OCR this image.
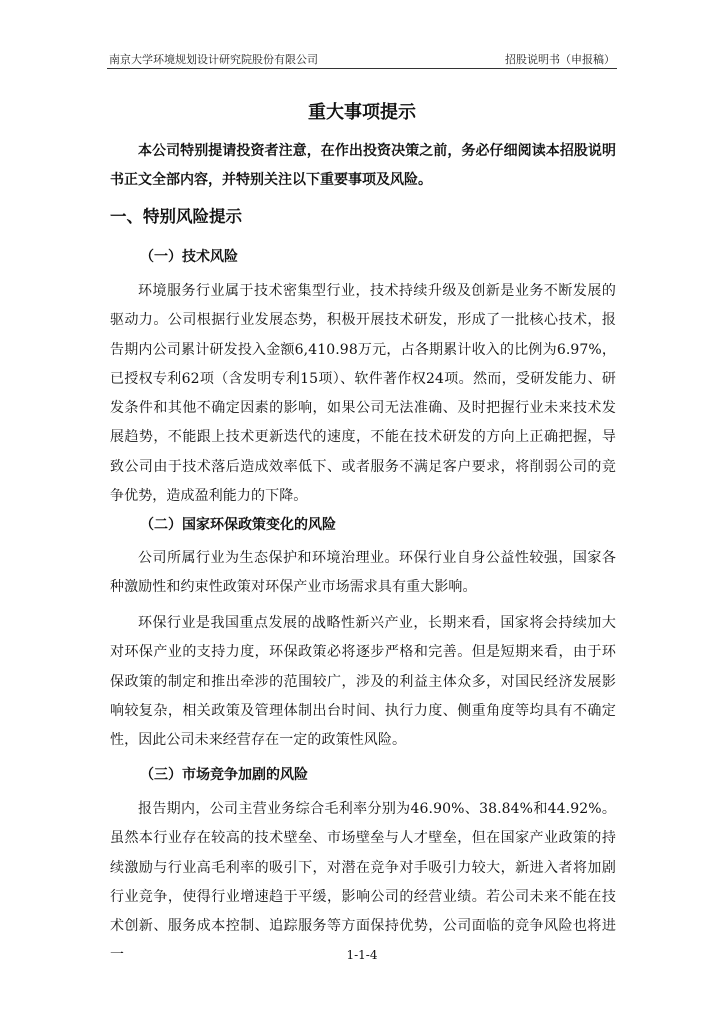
南京大学环境规划设计研究院股份有限公司	招股说明书（申报稿）
重大事项提示
本公司特别提请投资者注意，在作出投资决策之前，务必仔细阅读本招股说明书正文全部内容，并特别关注以下重要事项及风险。
一、特别风险提示
（一）技术风险
环境服务行业属于技术密集型行业，技术持续升级及创新是业务不断发展的驱动力。公司根据行业发展态势，积极开展技术研发，形成了一批核心技术，报告期内公司累计研发投入金额6,410.98万元，占各期累计收入的比例为6.97%，已授权专利62项（含发明专利15项）、软件著作权24项。然而，受研发能力、研发条件和其他不确定因素的影响，如果公司无法准确、及时把握行业未来技术发展趋势，不能跟上技术更新迭代的速度，不能在技术研发的方向上正确把握，导致公司由于技术落后造成效率低下、或者服务不满足客户要求，将削弱公司的竞争优势，造成盈利能力的下降。
（二）国家环保政策变化的风险
公司所属行业为生态保护和环境治理业。环保行业自身公益性较强，国家各种激励性和约束性政策对环保产业市场需求具有重大影响。
环保行业是我国重点发展的战略性新兴产业，长期来看，国家将会持续加大对环保产业的支持力度，环保政策必将逐步严格和完善。但是短期来看，由于环保政策的制定和推出牵涉的范围较广，涉及的利益主体众多，对国民经济发展影响较复杂，相关政策及管理体制出台时间、执行力度、侧重角度等均具有不确定性，因此公司未来经营存在一定的政策性风险。
（三）市场竞争加剧的风险
报告期内，公司主营业务综合毛利率分别为46.90%、38.84%和44.92%。虽然本行业存在较高的技术壁垒、市场壁垒与人才壁垒，但在国家产业政策的持续激励与行业高毛利率的吸引下，对潜在竞争对手吸引力较大，新进入者将加剧行业竞争，使得行业增速趋于平缓，影响公司的经营业绩。若公司未来不能在技术创新、服务成本控制、追踪服务等方面保持优势，公司面临的竞争风险也将进一	1-1-4
